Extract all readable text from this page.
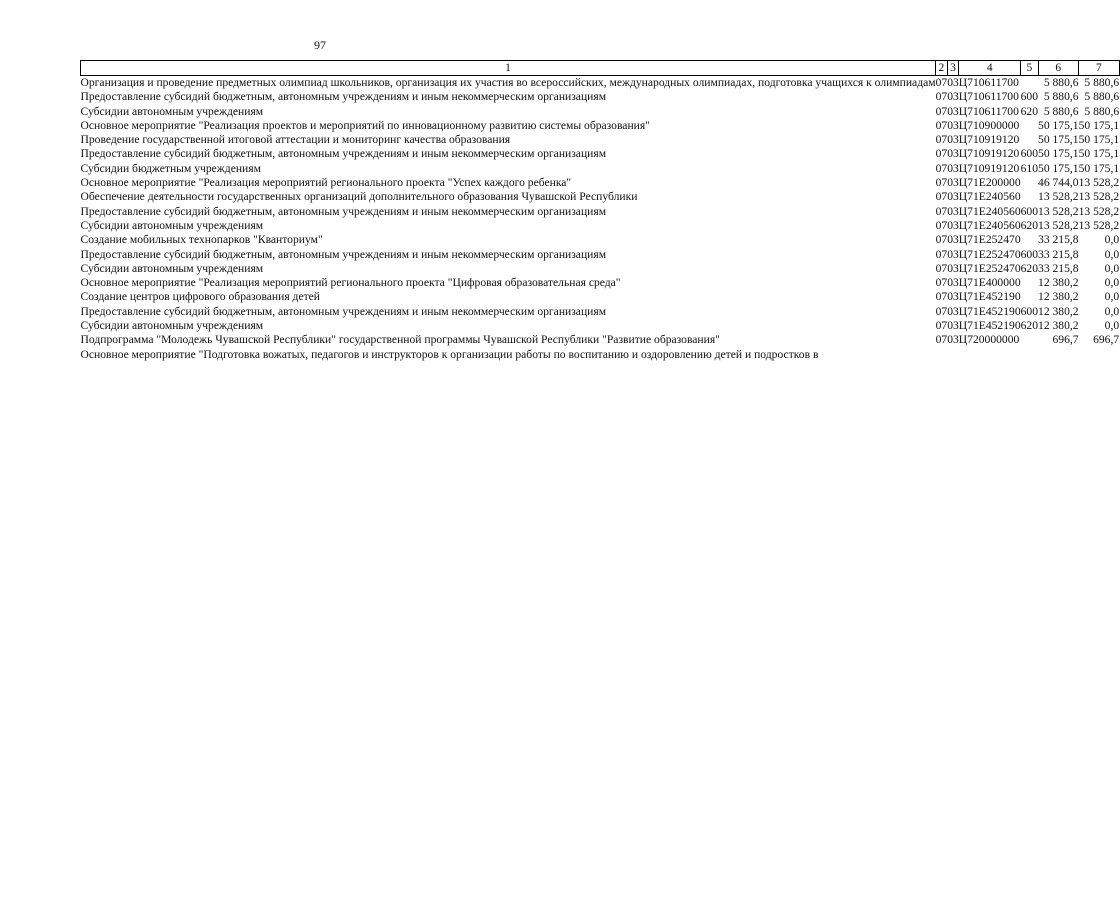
97
1	2	3	4	5	6	7
Организация и проведение предметных олимпиад школьников, организация их участия во всероссийских, международных олимпиадах, подготовка учащихся к олимпиадам	07	03	Ц710611700		5 880,6	5 880,6
Предоставление субсидий бюджетным, автономным учреждениям и иным некоммерческим организациям	07	03	Ц710611700	600	5 880,6	5 880,6
Субсидии автономным учреждениям	07	03	Ц710611700	620	5 880,6	5 880,6
Основное мероприятие "Реализация проектов и мероприятий по инновационному развитию системы образования"	07	03	Ц710900000		50 175,1	50 175,1
Проведение государственной итоговой аттестации и мониторинг качества образования	07	03	Ц710919120		50 175,1	50 175,1
Предоставление субсидий бюджетным, автономным учреждениям и иным некоммерческим организациям	07	03	Ц710919120	600	50 175,1	50 175,1
Субсидии бюджетным учреждениям	07	03	Ц710919120	610	50 175,1	50 175,1
Основное мероприятие "Реализация мероприятий регионального проекта "Успех каждого ребенка"	07	03	Ц71Е200000		46 744,0	13 528,2
Обеспечение деятельности государственных организаций дополнительного образования Чувашской Республики	07	03	Ц71Е240560		13 528,2	13 528,2
Предоставление субсидий бюджетным, автономным учреждениям и иным некоммерческим организациям	07	03	Ц71Е240560	600	13 528,2	13 528,2
Субсидии автономным учреждениям	07	03	Ц71Е240560	620	13 528,2	13 528,2
Создание мобильных технопарков "Кванториум"	07	03	Ц71Е252470		33 215,8	0,0
Предоставление субсидий бюджетным, автономным учреждениям и иным некоммерческим организациям	07	03	Ц71Е252470	600	33 215,8	0,0
Субсидии автономным учреждениям	07	03	Ц71Е252470	620	33 215,8	0,0
Основное мероприятие "Реализация мероприятий регионального проекта "Цифровая образовательная среда"	07	03	Ц71Е400000		12 380,2	0,0
Создание центров цифрового образования детей	07	03	Ц71Е452190		12 380,2	0,0
Предоставление субсидий бюджетным, автономным учреждениям и иным некоммерческим организациям	07	03	Ц71Е452190	600	12 380,2	0,0
Субсидии автономным учреждениям	07	03	Ц71Е452190	620	12 380,2	0,0
Подпрограмма "Молодежь Чувашской Республики" государственной программы Чувашской Республики "Развитие образования"	07	03	Ц720000000		696,7	696,7
Основное мероприятие "Подготовка вожатых, педагогов и инструкторов к организации работы по воспитанию и оздоровлению детей и подростков в						
